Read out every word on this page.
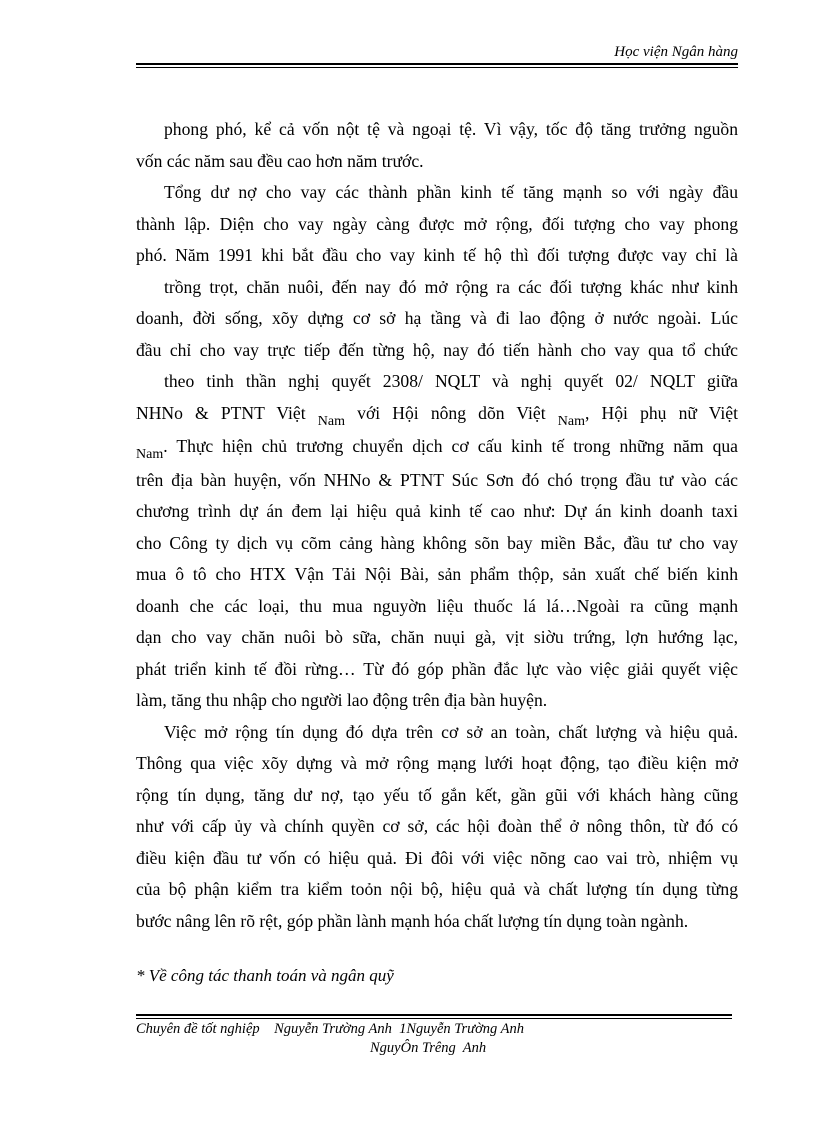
Học viện Ngân hàng

phong phó, kể cả vốn nột tệ và ngoại tệ. Vì vậy, tốc độ tăng trưởng nguồn

vốn các năm sau đều cao hơn năm trước.

Tổng dư nợ cho vay các thành phần kinh tế tăng mạnh so với ngày đầu

thành lập. Diện cho vay ngày càng được mở rộng, đối tượng cho vay phong

phó. Năm 1991 khi bắt đầu cho vay kinh tế hộ thì đối tượng được vay chỉ là

trồng trọt, chăn nuôi, đến nay đó mở rộng ra các đối tượng khác như kinh

doanh, đời sống, xõy dựng cơ sở hạ tầng và đi lao động ở nước ngoài. Lúc

đầu chỉ cho vay trực tiếp đến từng hộ, nay đó tiến hành cho vay qua tổ chức

theo tinh thần nghị quyết 2308/ NQLT và nghị quyết 02/ NQLT giữa

NHNo & PTNT Việt $_{Nam}$ với Hội nông dõn Việt $_{Nam}$, Hội phụ nữ Việt

$_{Nam}$. Thực hiện chủ trương chuyển dịch cơ cấu kinh tế trong những năm qua

trên địa bàn huyện, vốn NHNo & PTNT Súc Sơn đó chó trọng đầu tư vào các

chương trình dự án đem lại hiệu quả kinh tế cao như: Dự án kinh doanh taxi

cho Công ty dịch vụ cõm cảng hàng không sõn bay miền Bắc, đầu tư cho vay

mua ô tô cho HTX Vận Tải Nội Bài, sản phẩm thộp, sản xuất chế biến kinh

doanh che các loại, thu mua nguyờn liệu thuốc lá lá…Ngoài ra cũng mạnh

dạn cho vay chăn nuôi bò sữa, chăn nuụi gà, vịt siờu trứng, lợn hướng lạc,

phát triển kinh tế đồi rừng… Từ đó góp phần đắc lực vào việc giải quyết việc

làm, tăng thu nhập cho người lao động trên địa bàn huyện.

Việc mở rộng tín dụng đó dựa trên cơ sở an toàn, chất lượng và hiệu quả.

Thông qua việc xõy dựng và mở rộng mạng lưới hoạt động, tạo điều kiện mở

rộng tín dụng, tăng dư nợ, tạo yếu tố gắn kết, gần gũi với khách hàng cũng

như với cấp ủy và chính quyền cơ sở, các hội đoàn thể ở nông thôn, từ đó có

điều kiện đầu tư vốn có hiệu quả. Đi đôi với việc nõng cao vai trò, nhiệm vụ

của bộ phận kiểm tra kiểm toỏn nội bộ, hiệu quả và chất lượng tín dụng từng

bước nâng lên rõ rệt, góp phần lành mạnh hóa chất lượng tín dụng toàn ngành.

* Về công tác thanh toán và ngân quỹ
Chuyên đề tốt nghiệp Nguyễn Trường Anh  1Nguyễn Trường Anh
NguyÔn Trêng  Anh
